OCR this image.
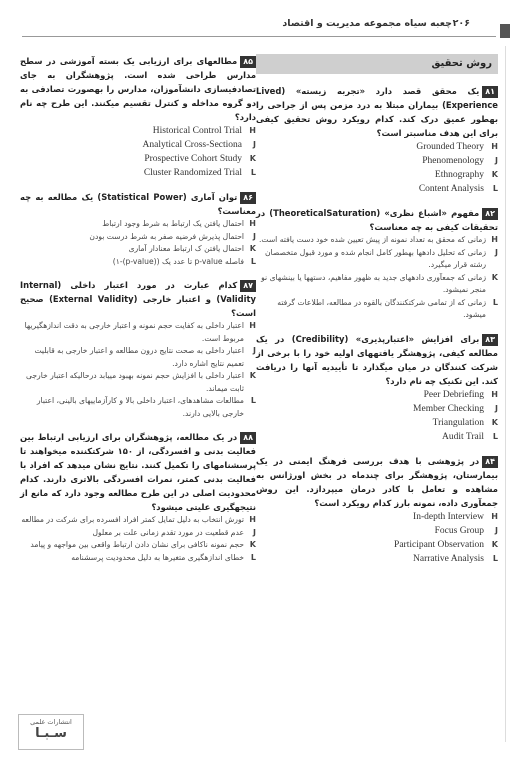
چعبه سیاه مجموعه مدیریت و اقتصاد ۲۰۶
روش تحقیق
۸۱یک محقق قصد دارد «تجربه زیسته» (Lived Experience) بیماران مبتلا به درد مزمن پس از جراحی را بهطور عمیق درک کند. کدام رویکرد روش تحقیق کیفی برای این هدف مناسبتر است؟
H
Grounded Theory
J
Phenomenology
K
Ethnography
L
Content Analysis
۸۲مفهوم «اشباع نظری» (TheoreticalSaturation) در تحقیقات کیفی به چه معناست؟
H
زمانی که محقق به تعداد نمونه از پیش تعیین شده خود دست یافته است.
J
زمانی که تحلیل دادهها بهطور کامل انجام شده و مورد قبول متخصصان رشته قرار میگیرد.
K
زمانی که جمعآوری دادههای جدید به ظهور مفاهیم، دستهها یا بینشهای نو منجر نمیشود.
L
زمانی که از تمامی شرکتکنندگان بالقوه در مطالعه، اطلاعات گرفته میشود.
۸۳برای افزایش «اعتبارپذیری» (Credibility) در یک مطالعه کیفی، پژوهشگر یافتههای اولیه خود را با برخی از شرکت کنندگان در میان میگذارد تا تأییدیه آنها را دریافت کند. این تکنیک چه نام دارد؟
H
Peer Debriefing
J
Member Checking
K
Triangulation
L
Audit Trail
۸۴در پژوهشی با هدف بررسی فرهنگ ایمنی در یک بیمارستان، پژوهشگر برای چندماه در بخش اورژانس به مشاهده و تعامل با کادر درمان میپردازد. این روش جمعآوری داده، نمونه بارز کدام رویکرد است؟
H
In-depth Interview
J
Focus Group
K
Participant Observation
L
Narrative Analysis
۸۵مطالعهای برای ارزیابی یک بسته آموزشی در سطح مدارس طراحی شده است. پژوهشگران به جای تصادفیسازی دانشآموزان، مدارس را بهصورت تصادفی به دو گروه مداخله و کنترل تقسیم میکنند. این طرح چه نام دارد؟
H
Historical Control Trial
J
Analytical Cross-Sectiona
K
Prospective Cohort Study
L
Cluster Randomized Trial
۸۶توان آماری (Statistical Power) یک مطالعه به چه معناست؟
H
احتمال یافتن یک ارتباط به شرط وجود ارتباط
J
احتمال پذیرش فرضیه صفر به شرط درست بودن
K
احتمال یافتن ک ارتباط معنادار آماری
L
فاصله p-value تا عدد یک ((p-value)-۱)
۸۷کدام عبارت در مورد اعتبار داخلی (Internal Validity) و اعتبار خارجی (External Validity) صحیح است؟
H
اعتبار داخلی به کفایت حجم نمونه و اعتبار خارجی به دقت اندازهگیریها مربوط است.
J
اعتبار داخلی به صحت نتایج درون مطالعه و اعتبار خارجی به قابلیت تعمیم نتایج اشاره دارد.
K
اعتبار داخلی با افزایش حجم نمونه بهبود مییابد درحالیکه اعتبار خارجی ثابت میماند.
L
مطالعات مشاهدهای، اعتبار داخلی بالا و کارآزماییهای بالینی، اعتبار خارجی بالایی دارند.
۸۸در یک مطالعه، پژوهشگران برای ارزیابی ارتباط بین فعالیت بدنی و افسردگی، از ۱۵۰ شرکتکننده میخواهند تا پرسشنامهای را تکمیل کنند. نتایج نشان میدهد که افراد با فعالیت بدنی کمتر، نمرات افسردگی بالاتری دارند. کدام محدودیت اصلی در این طرح مطالعه وجود دارد که مانع از نتیجهگیری علیتی میشود؟
H
تورش انتخاب به دلیل تمایل کمتر افراد افسرده برای شرکت در مطالعه
J
عدم قطعیت در مورد تقدم زمانی علت بر معلول
K
حجم نمونه ناکافی برای نشان دادن ارتباط واقعی بین مواجهه و پیامد
L
خطای اندازهگیری متغیرها به دلیل محدودیت پرسشنامه
انتشارات علمی
سـبـا
